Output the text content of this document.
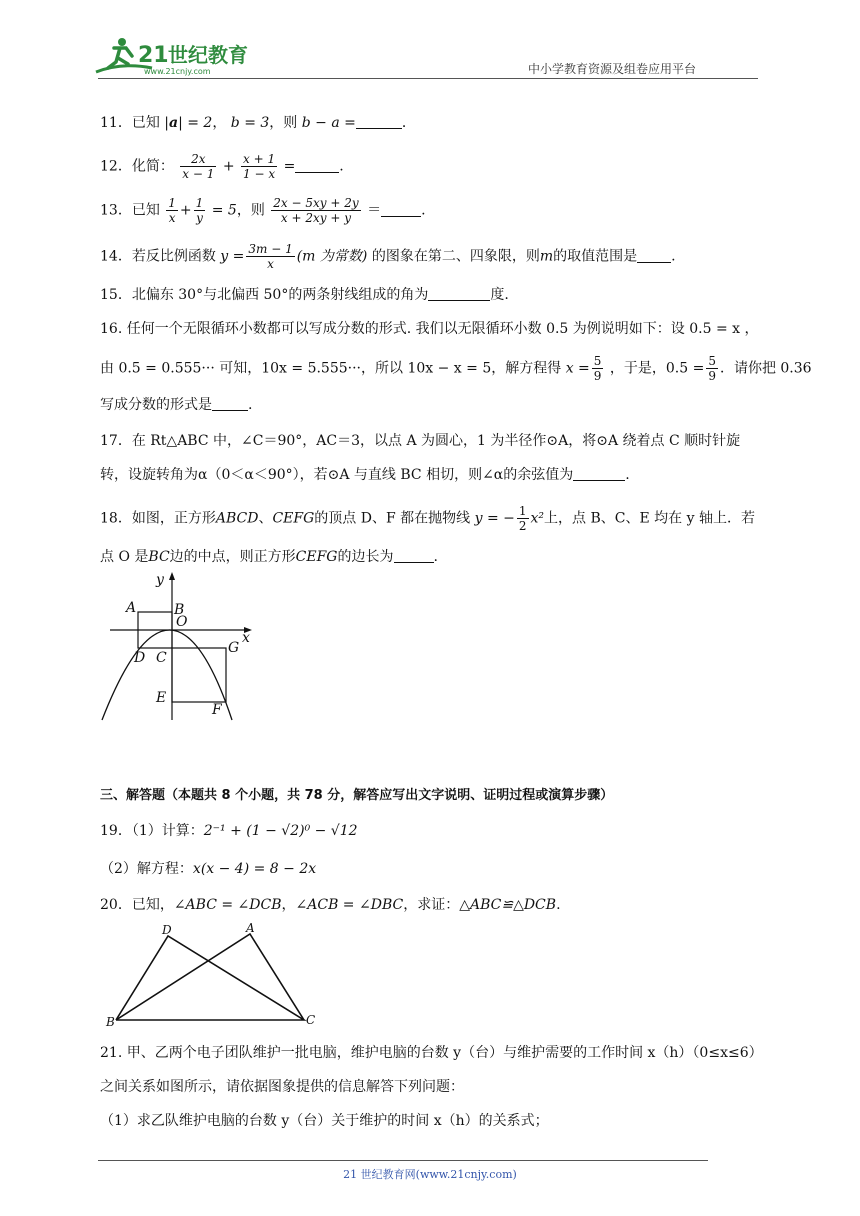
21 世纪教育
www.21cnjy.com	中小学教育资源及组卷应用平台
11．已知 |a| = 2， b = 3，则 b − a =	．
12．化简： $\frac{2x}{x - 1} + \frac{x + 1}{1 - x}$ =	.
13．已知 $\frac{1}{x} + \frac{1}{y} = 5$，则 $\frac{2x - 5xy + 2y}{x + 2xy + y}$ ＝	.
14．若反比例函数 $y = \frac{3m - 1}{x} (m$ 为常数) 的图象在第二、四象限，则m的取值范围是 .
15．北偏东 30°与北偏西 50°的两条射线组成的角为	度.
16. 任何一个无限循环小数都可以写成分数的形式. 我们以无限循环小数 0.5 为例说明如下：设 0.5 = x ，
由 0.5 = 0.555··· 可知，10x = 5.555···，所以 10x − x = 5，解方程得 $x = \frac{5}{9}$ ，于是，$0.5 = \frac{5}{9}$ ．请你把 0.36
写成分数的形式是	.
17．在 Rt△ABC 中，∠C＝90°，AC＝3，以点 A 为圆心，1 为半径作⊙A，将⊙A 绕着点 C 顺时针旋
转，设旋转角为α（0＜α＜90°），若⊙A 与直线 BC 相切，则∠α的余弦值为	.
18．如图，正方形ABCD、CEFG的顶点 D、F 都在抛物线 y = − $\frac{1}{2} x^2$上，点 B、C、E 均在 y 轴上．若
点 O 是BC边的中点，则正方形CEFG的边长为	.
y
x
A	B
O
D C
G
E
F
三、解答题（本题共 8 个小题，共 78 分，解答应写出文字说明、证明过程或演算步骤）
19．（1）计算：2⁻¹ + (1 − √2)⁰ − √12
（2）解方程：x(x − 4) = 8 − 2x
20．已知，∠ABC = ∠DCB，∠ACB = ∠DBC，求证：△ABC≌△DCB.
D	A
B	C
21. 甲、乙两个电子团队维护一批电脑，维护电脑的台数 y（台）与维护需要的工作时间 x（h）（0≤x≤6）
之间关系如图所示，请依据图象提供的信息解答下列问题：
（1）求乙队维护电脑的台数 y（台）关于维护的时间 x（h）的关系式；
21 世纪教育网(www.21cnjy.com)
